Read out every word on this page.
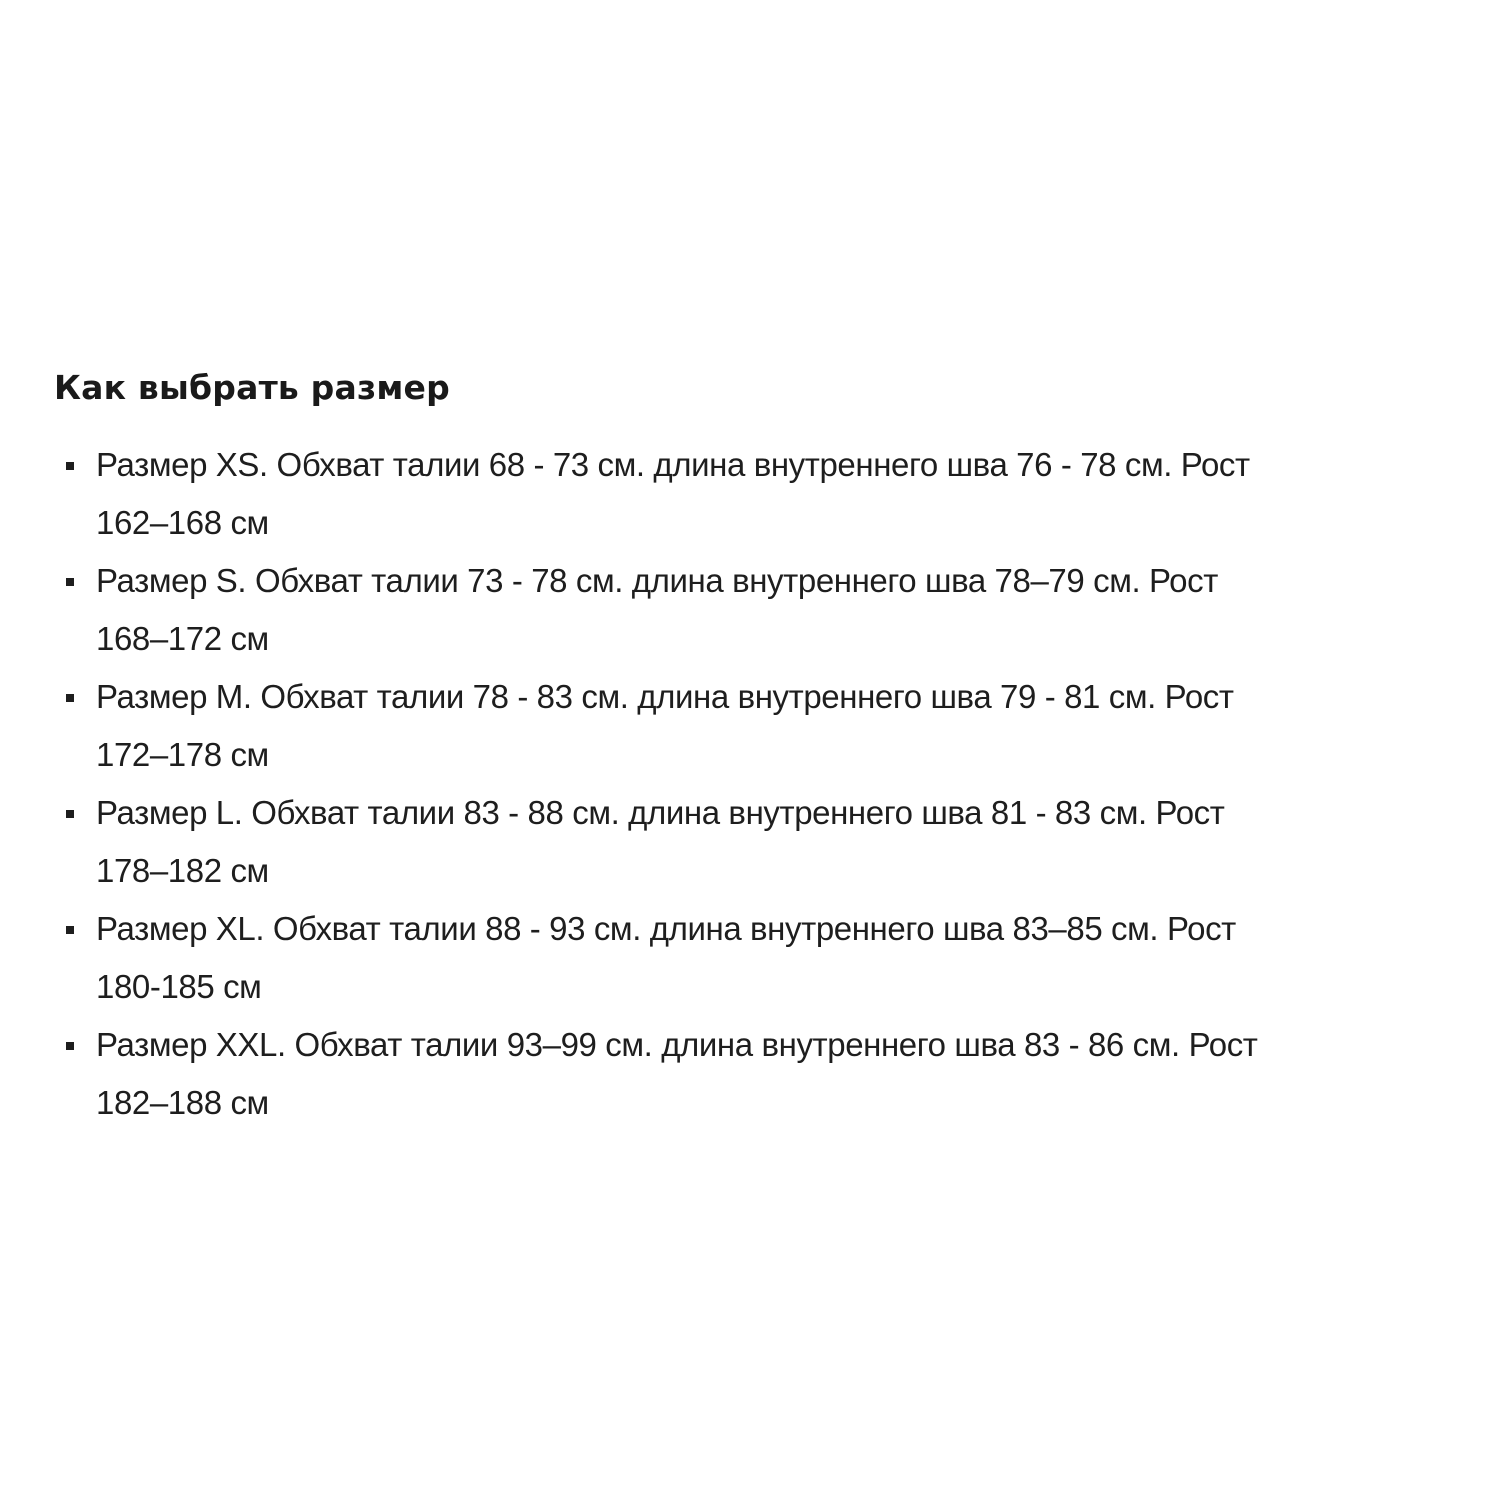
Как выбрать размер
Размер XS. Обхват талии 68 - 73 см. длина внутреннего шва 76 - 78 см. Рост
162–168 см
Размер S. Обхват талии 73 - 78 см. длина внутреннего шва 78–79 см. Рост
168–172 см
Размер M. Обхват талии 78 - 83 см. длина внутреннего шва 79 - 81 см. Рост
172–178 см
Размер L. Обхват талии 83 - 88 см. длина внутреннего шва 81 - 83 см. Рост
178–182 см
Размер XL. Обхват талии 88 - 93 см. длина внутреннего шва 83–85 см. Рост
180-185 см
Размер XXL. Обхват талии 93–99 см. длина внутреннего шва 83 - 86 см. Рост
182–188 см
